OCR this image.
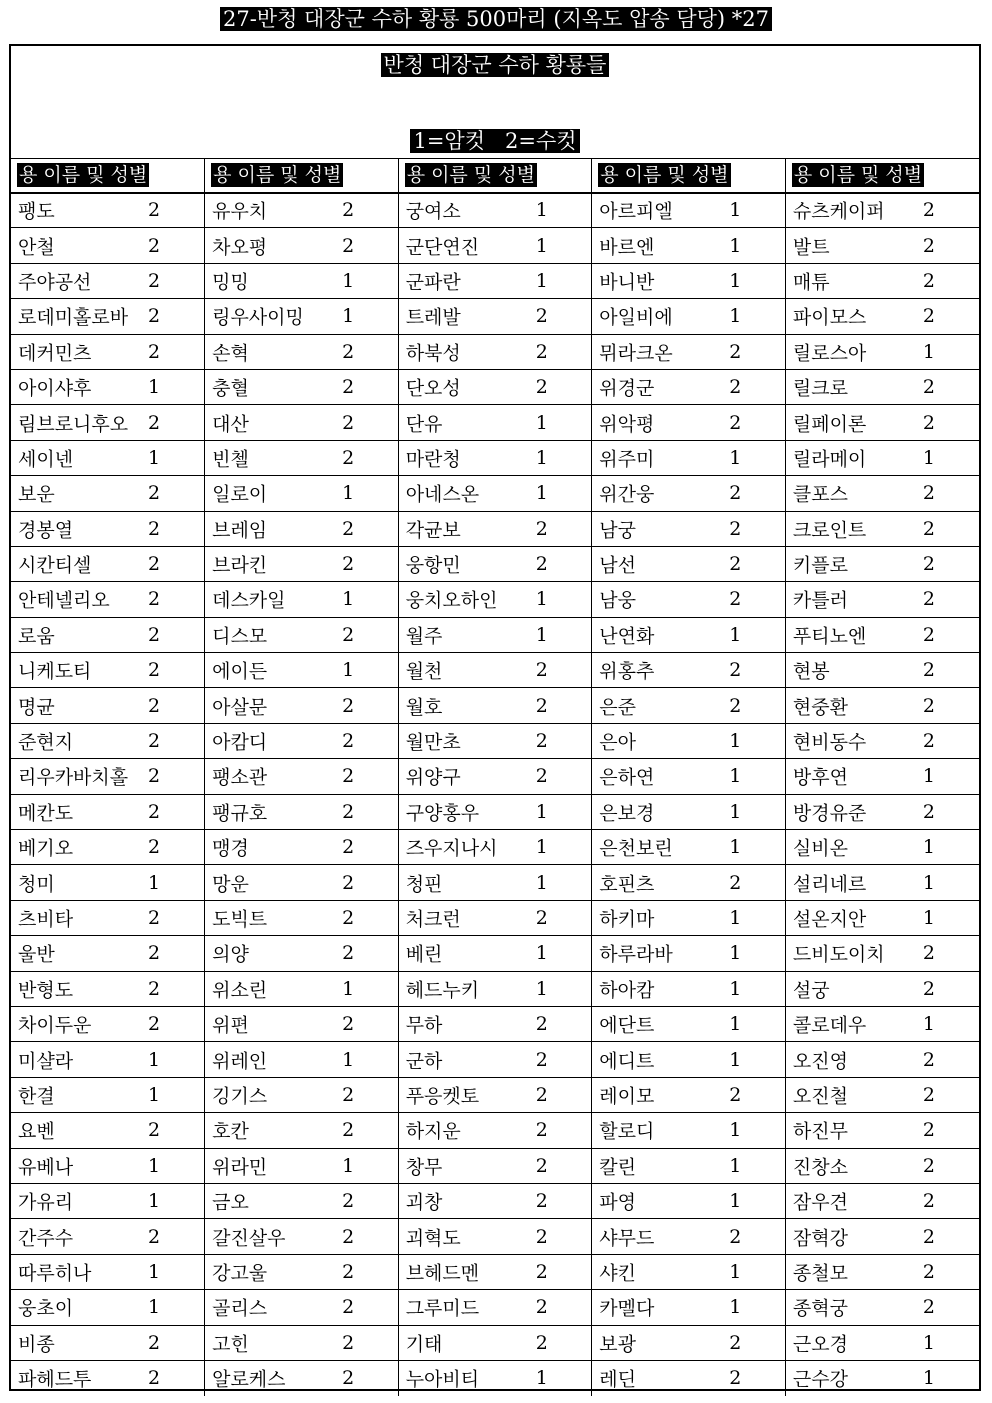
27-반청 대장군 수하 황룡 500마리 (지옥도 압송 담당) *27
반청 대장군 수하 황룡들
1=암컷   2=수컷
용 이름 및 성별	용 이름 및 성별	용 이름 및 성별	용 이름 및 성별	용 이름 및 성별

팽도 2	유우치 2	궁여소 1	아르피엘 1	슈츠케이퍼 2

안철 2	차오평 2	군단연진 1	바르엔 1	발트 2

주야공선 2	밍밍 1	군파란 1	바니반 1	매튜 2

로데미홀로바 2	링우사이밍 1	트레발 2	아일비에 1	파이모스 2

데커민츠 2	손혁 2	하북성 2	뮈라크온 2	릴로스아 1

아이샤후 1	충혈 2	단오성 2	위경군 2	릴크로 2

림브로니후오 2	대산 2	단유 1	위악평 2	릴페이론 2

세이넨 1	빈첼 2	마란청 1	위주미 1	릴라메이 1

보운 2	일로이 1	아네스온 1	위간웅 2	클포스 2

경봉열 2	브레임 2	각균보 2	남궁 2	크로인트 2

시칸티셀 2	브라킨 2	웅항민 2	남선 2	키플로 2

안테넬리오 2	데스카일 1	웅치오하인 1	남웅 2	카틀러 2

로움 2	디스모 2	월주 1	난연화 1	푸티노엔 2

니케도티 2	에이든 1	월천 2	위홍추 2	현봉 2

명균 2	아살문 2	월호 2	은준 2	현중환 2

준현지 2	아캄디 2	월만초 2	은아 1	현비동수 2

리우카바치홀 2	팽소관 2	위양구 2	은하연 1	방후연 1

메칸도 2	팽규호 2	구양홍우 1	은보경 1	방경유준 2

베기오 2	맹경 2	즈우지나시 1	은천보린 1	실비온 1

청미 1	망운 2	청핀 1	호핀츠 2	설리네르 1

츠비타 2	도빅트 2	처크런 2	하키마 1	설온지안 1

울반 2	의양 2	베린 1	하루라바 1	드비도이치 2

반형도 2	위소린 1	헤드누키 1	하아캄 1	설궁 2

차이두운 2	위편 2	무하 2	에단트 1	콜로데우 1

미샬라 1	위레인 1	군하 2	에디트 1	오진영 2

한결 1	깅기스 2	푸응켓토 2	레이모 2	오진철 2

요벤 2	호칸 2	하지운 2	할로디 1	하진무 2

유베나 1	위라민 1	창무 2	칼린 1	진창소 2

가유리 1	금오 2	괴창 2	파영 1	잠우견 2

간주수 2	갈진살우 2	괴혁도 2	샤무드 2	잠혁강 2

따루히나 1	강고울 2	브헤드멘 2	샤킨 1	종철모 2

웅초이 1	골리스 2	그루미드 2	카멜다 1	종혁궁 2

비종 2	고힌 2	기태 2	보광 2	근오경 1

파헤드투 2	알로케스 2	누아비티 1	레딘 2	근수강 1
